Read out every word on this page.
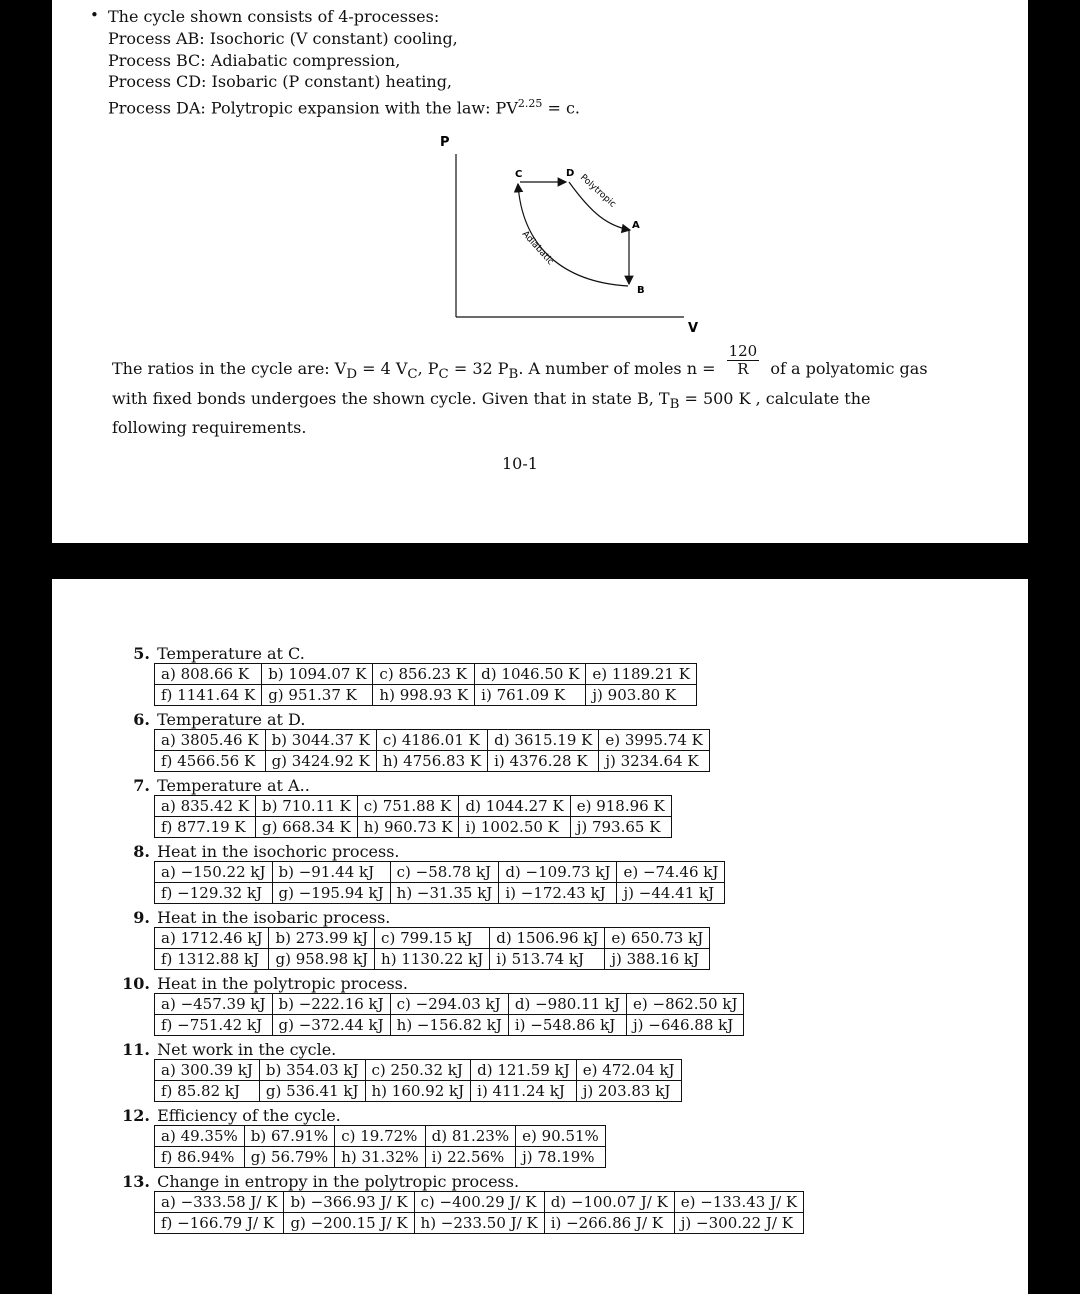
• The cycle shown consists of 4-processes:
Process AB: Isochoric (V constant) cooling,
Process BC: Adiabatic compression,
Process CD: Isobaric (P constant) heating,
Process DA: Polytropic expansion with the law: $PV^{2.25} = c$.
P
V
C	D
A
B
Polytropic
Adiabatic
The ratios in the cycle are: $V_D = 4$ $V_C$, $P_C = 32$ $P_B$. A number of moles $n = \frac{120}{R}$ of a polyatomic gas with fixed bonds undergoes the shown cycle. Given that in state B, $T_B = 500$ K , calculate the following requirements.
10-1
5. Temperature at C.
a) 808.66 K	b) 1094.07 K	c) 856.23 K	d) 1046.50 K	e) 1189.21 K
f) 1141.64 K	g) 951.37 K	h) 998.93 K	i) 761.09 K	j) 903.80 K
6. Temperature at D.
a) 3805.46 K	b) 3044.37 K	c) 4186.01 K	d) 3615.19 K	e) 3995.74 K
f) 4566.56 K	g) 3424.92 K	h) 4756.83 K	i) 4376.28 K	j) 3234.64 K
7. Temperature at A..
a) 835.42 K	b) 710.11 K	c) 751.88 K	d) 1044.27 K	e) 918.96 K
f) 877.19 K	g) 668.34 K	h) 960.73 K	i) 1002.50 K	j) 793.65 K
8. Heat in the isochoric process.
a) −150.22 kJ	b) −91.44 kJ	c) −58.78 kJ	d) −109.73 kJ	e) −74.46 kJ
f) −129.32 kJ	g) −195.94 kJ	h) −31.35 kJ	i) −172.43 kJ	j) −44.41 kJ
9. Heat in the isobaric process.
a) 1712.46 kJ	b) 273.99 kJ	c) 799.15 kJ	d) 1506.96 kJ	e) 650.73 kJ
f) 1312.88 kJ	g) 958.98 kJ	h) 1130.22 kJ	i) 513.74 kJ	j) 388.16 kJ
10. Heat in the polytropic process.
a) −457.39 kJ	b) −222.16 kJ	c) −294.03 kJ	d) −980.11 kJ	e) −862.50 kJ
f) −751.42 kJ	g) −372.44 kJ	h) −156.82 kJ	i) −548.86 kJ	j) −646.88 kJ
11. Net work in the cycle.
a) 300.39 kJ	b) 354.03 kJ	c) 250.32 kJ	d) 121.59 kJ	e) 472.04 kJ
f) 85.82 kJ	g) 536.41 kJ	h) 160.92 kJ	i) 411.24 kJ	j) 203.83 kJ
12. Efficiency of the cycle.
a) 49.35%	b) 67.91%	c) 19.72%	d) 81.23%	e) 90.51%
f) 86.94%	g) 56.79%	h) 31.32%	i) 22.56%	j) 78.19%
13. Change in entropy in the polytropic process.
a) −333.58 J/ K	b) −366.93 J/ K	c) −400.29 J/ K	d) −100.07 J/ K	e) −133.43 J/ K
f) −166.79 J/ K	g) −200.15 J/ K	h) −233.50 J/ K	i) −266.86 J/ K	j) −300.22 J/ K
